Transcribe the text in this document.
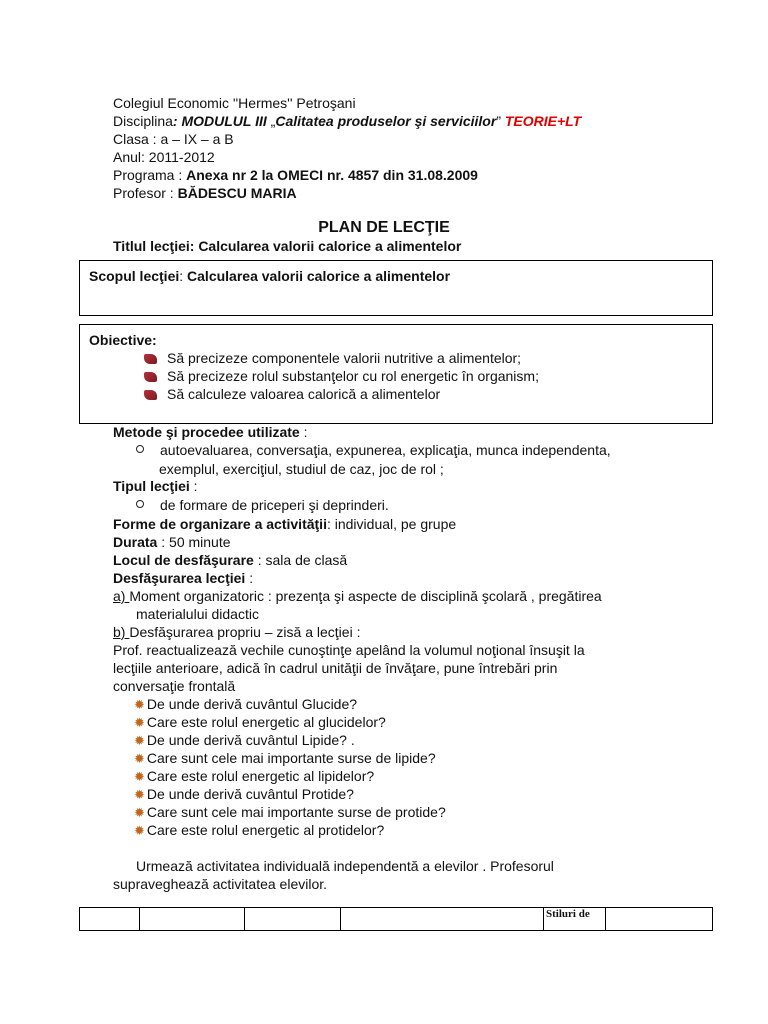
Colegiul Economic ''Hermes'' Petroşani
Disciplina: MODULUL III „Calitatea produselor şi serviciilor” TEORIE+LT
Clasa : a – IX – a B
Anul: 2011-2012
Programa : Anexa nr 2 la OMECI nr. 4857 din 31.08.2009
Profesor : BĂDESCU MARIA
PLAN DE LECŢIE
Titlul lecţiei: Calcularea valorii calorice a alimentelor
Scopul lecţiei: Calcularea valorii calorice a alimentelor
Obiective:
Să precizeze componentele valorii nutritive a alimentelor;
Să precizeze rolul substanţelor cu rol energetic în organism;
Să calculeze valoarea calorică a alimentelor
Metode şi procedee utilizate :
autoevaluarea, conversaţia, expunerea, explicaţia, munca independenta,
exemplul, exerciţiul, studiul de caz, joc de rol ;
Tipul lecţiei :
de formare de priceperi şi deprinderi.
Forme de organizare a activităţii: individual, pe grupe
Durata : 50 minute
Locul de desfăşurare : sala de clasă
Desfăşurarea lecţiei :
a) Moment organizatoric : prezenţa şi aspecte de disciplină şcolară , pregătirea
materialului didactic
b) Desfăşurarea propriu – zisă a lecţiei :
Prof. reactualizează vechile cunoştinţe apelând la volumul noţional însuşit la
lecţiile anterioare, adică în cadrul unităţii de învăţare, pune întrebări prin
conversaţie frontală
✹ De unde derivă cuvântul Glucide?
✹ Care este rolul energetic al glucidelor?
✹ De unde derivă cuvântul Lipide? .
✹ Care sunt cele mai importante surse de lipide?
✹ Care este rolul energetic al lipidelor?
✹ De unde derivă cuvântul Protide?
✹ Care sunt cele mai importante surse de protide?
✹ Care este rolul energetic al protidelor?
Urmează activitatea individuală independentă a elevilor . Profesorul
supraveghează activitatea elevilor.
				Stiluri de	
